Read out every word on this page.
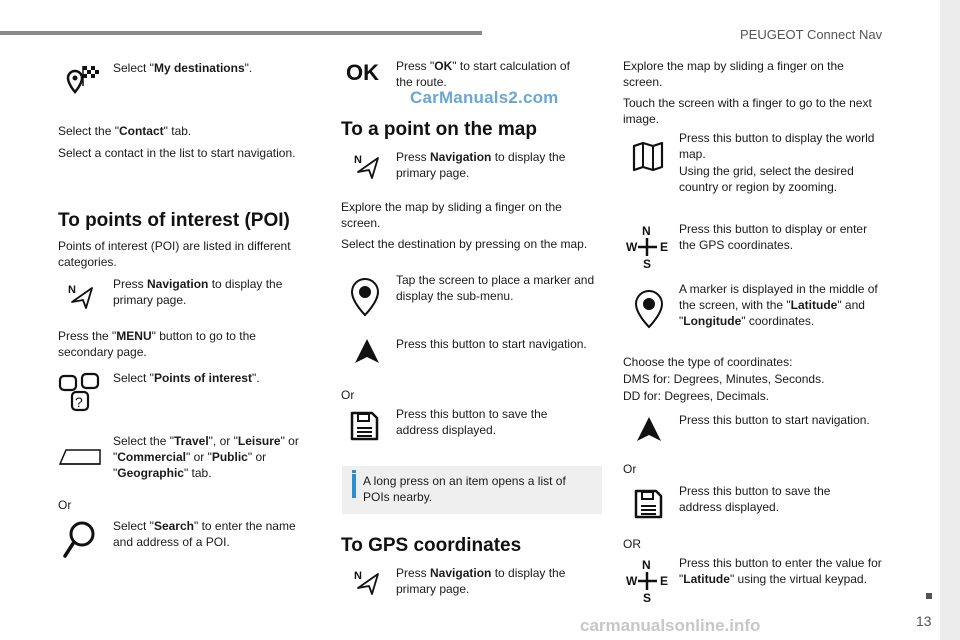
PEUGEOT Connect Nav
13
CarManuals2.com
carmanualsonline.info

Select "My destinations".

Select the "Contact" tab.

Select a contact in the list to start navigation.

To points of interest (POI)

Points of interest (POI) are listed in different categories.

N	Press Navigation to display the primary page.

Press the "MENU" button to go to the secondary page.

?

Select "Points of interest".

Select the "Travel", or "Leisure" or "Commercial" or "Public" or "Geographic" tab.

Or

Select "Search" to enter the name and address of a POI.

OK Press "OK" to start calculation of the route.

To a point on the map
N	Press Navigation to display the primary page.

Explore the map by sliding a finger on the screen.

Select the destination by pressing on the map.

Tap the screen to place a marker and display the sub-menu.

Press this button to start navigation.

Or

Press this button to save the address displayed.

A long press on an item opens a list of POIs nearby.

To GPS coordinates
N	Press Navigation to display the primary page.

Explore the map by sliding a finger on the screen.

Touch the screen with a finger to go to the next image.

Press this button to display the world map.

Using the grid, select the desired country or region by zooming.

N
W E
S

Press this button to display or enter the GPS coordinates.

A marker is displayed in the middle of the screen, with the "Latitude" and "Longitude" coordinates.

Choose the type of coordinates:

DMS for: Degrees, Minutes, Seconds.

DD for: Degrees, Decimals.

Press this button to start navigation.

Or

Press this button to save the address displayed.

OR

N
W E
S

Press this button to enter the value for "Latitude" using the virtual keypad.
